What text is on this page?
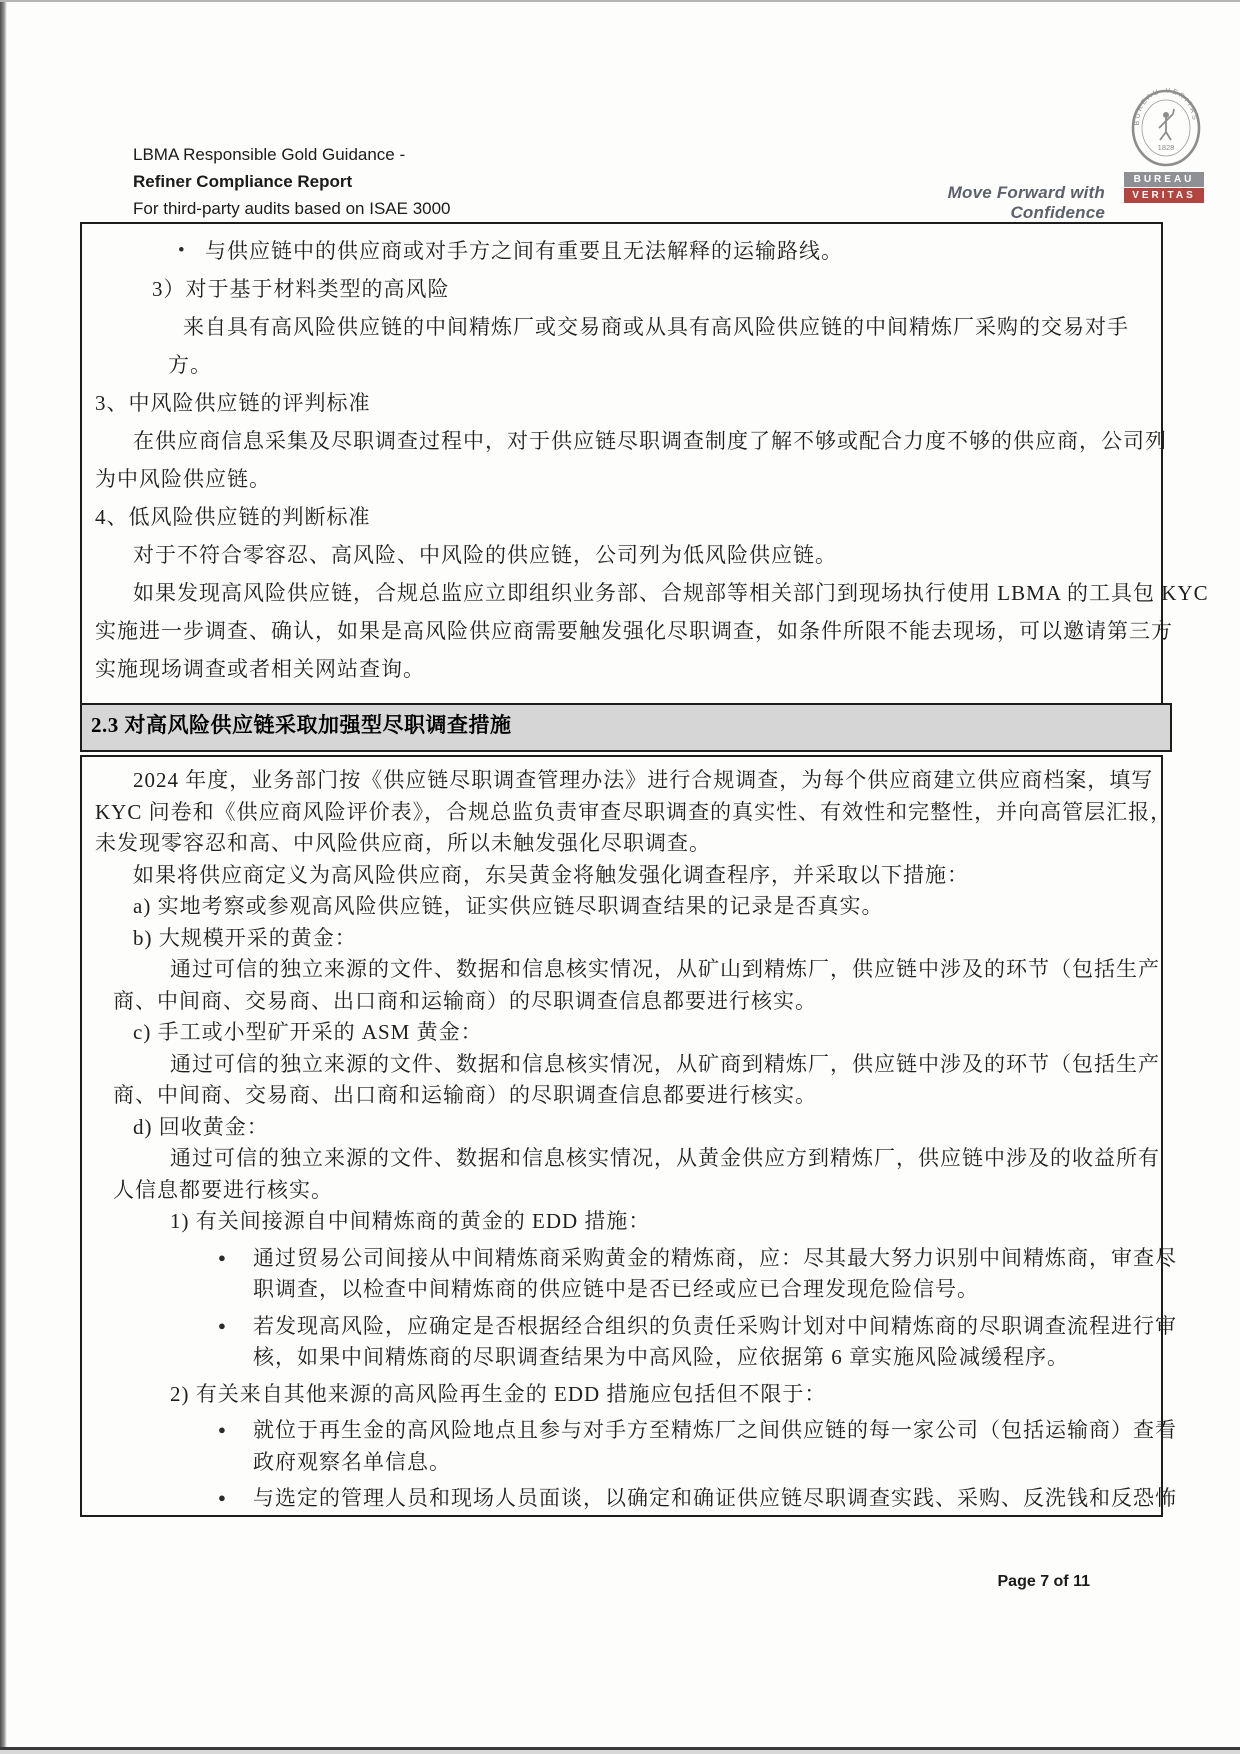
LBMA Responsible Gold Guidance -
Refiner Compliance Report
For third-party audits based on ISAE 3000
Move Forward with Confidence
BUREAU VERITAS
1828
BUREAU
VERITAS
• 与供应链中的供应商或对手方之间有重要且无法解释的运输路线。
3）对于基于材料类型的高风险
来自具有高风险供应链的中间精炼厂或交易商或从具有高风险供应链的中间精炼厂采购的交易对手
方。
3、中风险供应链的评判标准
在供应商信息采集及尽职调查过程中，对于供应链尽职调查制度了解不够或配合力度不够的供应商，公司列
为中风险供应链。
4、低风险供应链的判断标准
对于不符合零容忍、高风险、中风险的供应链，公司列为低风险供应链。
如果发现高风险供应链，合规总监应立即组织业务部、合规部等相关部门到现场执行使用 LBMA 的工具包 KYC
实施进一步调查、确认，如果是高风险供应商需要触发强化尽职调查，如条件所限不能去现场，可以邀请第三方
实施现场调查或者相关网站查询。
2.3 对高风险供应链采取加强型尽职调查措施
2024 年度，业务部门按《供应链尽职调查管理办法》进行合规调查，为每个供应商建立供应商档案，填写
KYC 问卷和《供应商风险评价表》，合规总监负责审查尽职调查的真实性、有效性和完整性，并向高管层汇报，
未发现零容忍和高、中风险供应商，所以未触发强化尽职调查。
如果将供应商定义为高风险供应商，东吴黄金将触发强化调查程序，并采取以下措施：
a) 实地考察或参观高风险供应链，证实供应链尽职调查结果的记录是否真实。
b) 大规模开采的黄金：
通过可信的独立来源的文件、数据和信息核实情况，从矿山到精炼厂，供应链中涉及的环节（包括生产
商、中间商、交易商、出口商和运输商）的尽职调查信息都要进行核实。
c) 手工或小型矿开采的 ASM 黄金：
通过可信的独立来源的文件、数据和信息核实情况，从矿商到精炼厂，供应链中涉及的环节（包括生产
商、中间商、交易商、出口商和运输商）的尽职调查信息都要进行核实。
d) 回收黄金：
通过可信的独立来源的文件、数据和信息核实情况，从黄金供应方到精炼厂，供应链中涉及的收益所有
人信息都要进行核实。
1) 有关间接源自中间精炼商的黄金的 EDD 措施：
● 通过贸易公司间接从中间精炼商采购黄金的精炼商，应：尽其最大努力识别中间精炼商，审查尽
职调查，以检查中间精炼商的供应链中是否已经或应已合理发现危险信号。
● 若发现高风险，应确定是否根据经合组织的负责任采购计划对中间精炼商的尽职调查流程进行审
核，如果中间精炼商的尽职调查结果为中高风险，应依据第 6 章实施风险减缓程序。
2) 有关来自其他来源的高风险再生金的 EDD 措施应包括但不限于：
● 就位于再生金的高风险地点且参与对手方至精炼厂之间供应链的每一家公司（包括运输商）查看
政府观察名单信息。
● 与选定的管理人员和现场人员面谈，以确定和确证供应链尽职调查实践、采购、反洗钱和反恐怖
Page 7 of 11
